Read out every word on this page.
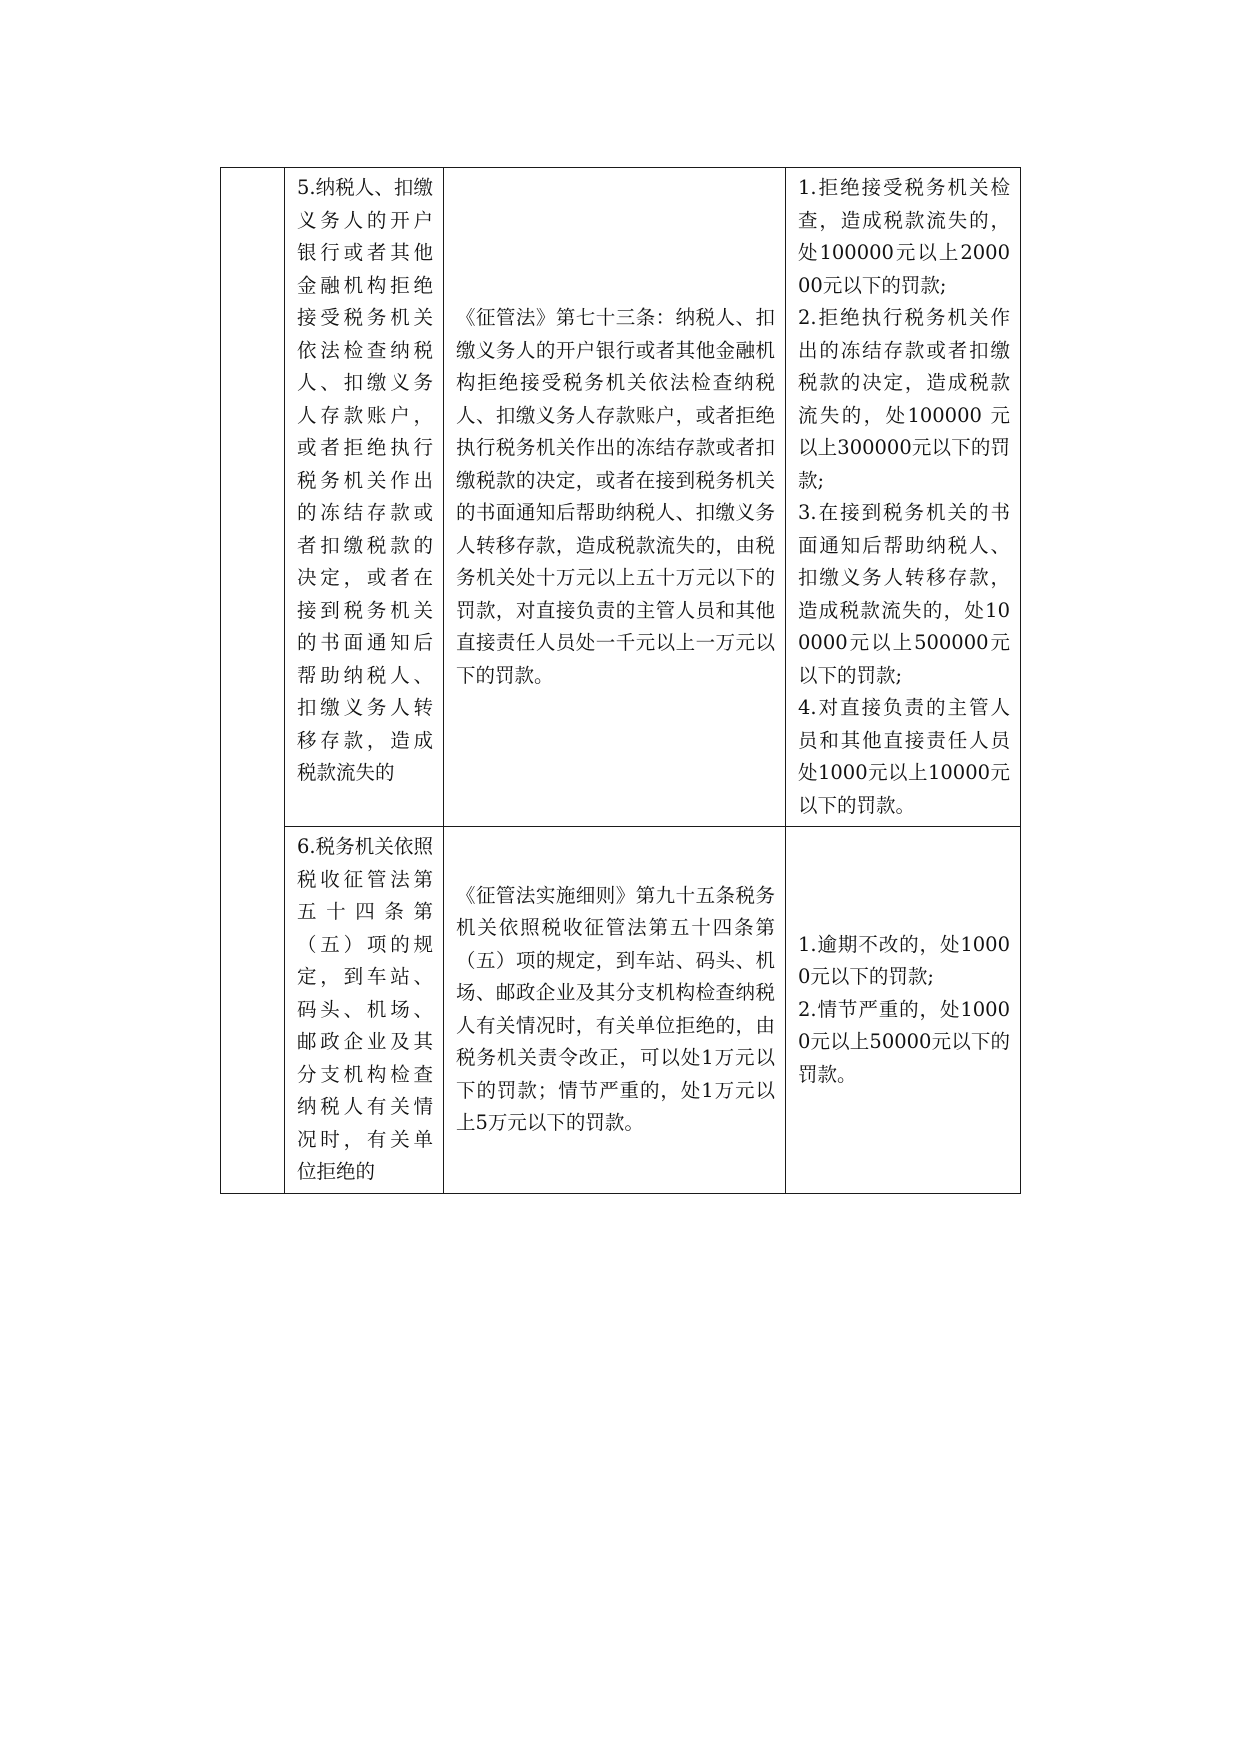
	5.纳税人、扣缴义务人的开户银行或者其他金融机构拒绝接受税务机关依法检查纳税人、扣缴义务人存款账户，或者拒绝执行税务机关作出的冻结存款或者扣缴税款的决定，或者在接到税务机关的书面通知后帮助纳税人、扣缴义务人转移存款，造成税款流失的	《征管法》第七十三条：纳税人、扣缴义务人的开户银行或者其他金融机构拒绝接受税务机关依法检查纳税人、扣缴义务人存款账户，或者拒绝执行税务机关作出的冻结存款或者扣缴税款的决定，或者在接到税务机关的书面通知后帮助纳税人、扣缴义务人转移存款，造成税款流失的，由税务机关处十万元以上五十万元以下的罚款，对直接负责的主管人员和其他直接责任人员处一千元以上一万元以下的罚款。	1.拒绝接受税务机关检查，造成税款流失的，处100000元以上200000元以下的罚款;
2.拒绝执行税务机关作出的冻结存款或者扣缴税款的决定，造成税款流失的，处100000 元以上300000元以下的罚款;
3.在接到税务机关的书面通知后帮助纳税人、扣缴义务人转移存款，造成税款流失的，处100000元以上500000元以下的罚款;
4.对直接负责的主管人员和其他直接责任人员处1000元以上10000元以下的罚款。

	6.税务机关依照税收征管法第五十四条第（五）项的规定，到车站、码头、机场、邮政企业及其分支机构检查纳税人有关情况时，有关单位拒绝的	《征管法实施细则》第九十五条税务机关依照税收征管法第五十四条第（五）项的规定，到车站、码头、机场、邮政企业及其分支机构检查纳税人有关情况时，有关单位拒绝的，由税务机关责令改正，可以处1万元以下的罚款；情节严重的，处1万元以上5万元以下的罚款。	1.逾期不改的，处10000元以下的罚款;
2.情节严重的，处10000元以上50000元以下的罚款。
